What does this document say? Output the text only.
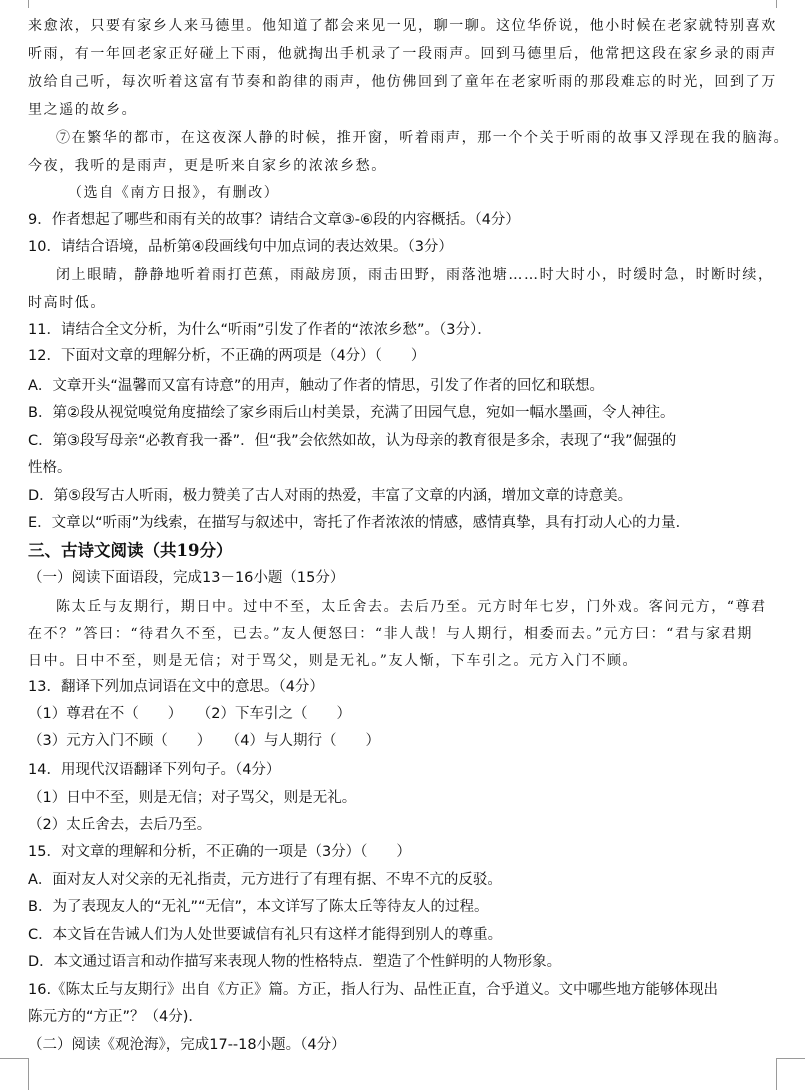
来愈浓，只要有家乡人来马德里。他知道了都会来见一见，聊一聊。这位华侨说，他小时候在老家就特别喜欢
听雨，有一年回老家正好碰上下雨，他就掏出手机录了一段雨声。回到马德里后，他常把这段在家乡录的雨声
放给自己听，每次听着这富有节奏和韵律的雨声，他仿佛回到了童年在老家听雨的那段难忘的时光，回到了万
里之遥的故乡。
⑦在繁华的都市，在这夜深人静的时候，推开窗，听着雨声，那一个个关于听雨的故事又浮现在我的脑海。
今夜，我听的是雨声，更是听来自家乡的浓浓乡愁。
（选自《南方日报》，有删改）
9．作者想起了哪些和雨有关的故事？请结合文章③-⑥段的内容概括。（4分）
10．请结合语境，品析第④段画线句中加点词的表达效果。（3分）
闭上眼睛，静静地听着雨打芭蕉，雨敲房顶，雨击田野，雨落池塘……时大时小，时缓时急，时断时续，
时高时低。
11．请结合全文分析，为什么“听雨”引发了作者的“浓浓乡愁”。（3分）．
12．下面对文章的理解分析，不正确的两项是（4分）（　　）
A．文章开头“温馨而又富有诗意”的用声，触动了作者的情思，引发了作者的回忆和联想。
B．第②段从视觉嗅觉角度描绘了家乡雨后山村美景，充满了田园气息，宛如一幅水墨画，令人神往。
C．第③段写母亲“必教育我一番”．但“我”会依然如故，认为母亲的教育很是多余，表现了“我”倔强的
性格。
D．第⑤段写古人听雨，极力赞美了古人对雨的热爱，丰富了文章的内涵，增加文章的诗意美。
E．文章以“听雨”为线索，在描写与叙述中，寄托了作者浓浓的情感，感情真挚，具有打动人心的力量．
三、古诗文阅读（共19分）
（一）阅读下面语段，完成13－16小题（15分）
陈太丘与友期行，期日中。过中不至，太丘舍去。去后乃至。元方时年七岁，门外戏。客问元方，“尊君
在不？”答曰：“待君久不至，已去。”友人便怒曰：“非人哉！与人期行，相委而去。”元方曰：“君与家君期
日中。日中不至，则是无信；对于骂父，则是无礼。”友人惭，下车引之。元方入门不顾。
13．翻译下列加点词语在文中的意思。（4分）
（1）尊君在不（　　）　　（2）下车引之（　　）
（3）元方入门不顾（　　）　　（4）与人期行（　　）
14．用现代汉语翻译下列句子。（4分）
（1）日中不至，则是无信；对子骂父，则是无礼。
（2）太丘舍去，去后乃至。
15．对文章的理解和分析，不正确的一项是（3分）（　　）
A．面对友人对父亲的无礼指责，元方进行了有理有据、不卑不亢的反驳。
B．为了表现友人的“无礼”“无信”，本文详写了陈太丘等待友人的过程。
C．本文旨在告诫人们为人处世要诚信有礼只有这样才能得到别人的尊重。
D．本文通过语言和动作描写来表现人物的性格特点．塑造了个性鲜明的人物形象。
16.《陈太丘与友期行》出自《方正》篇。方正，指人行为、品性正直，合乎道义。文中哪些地方能够体现出
陈元方的“方正”？（4分)．
（二）阅读《观沧海》，完成17--18小题。（4分）
